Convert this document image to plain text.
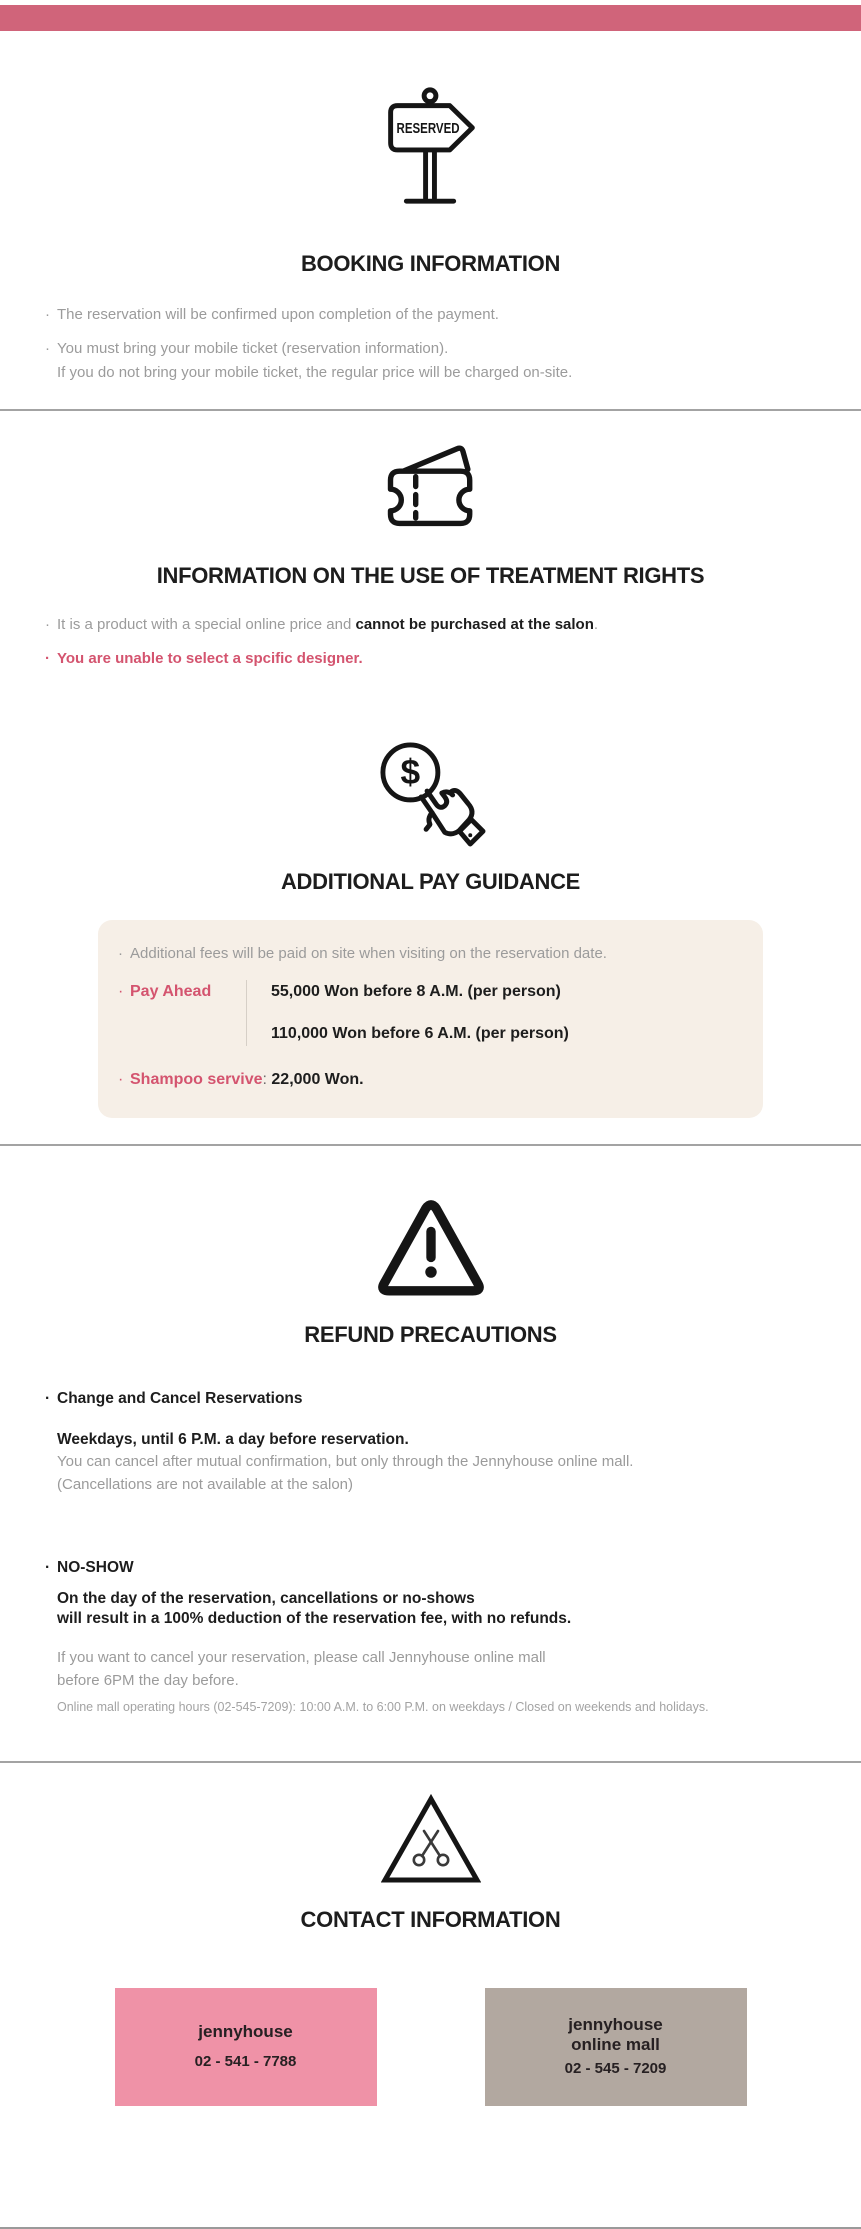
RESERVED
BOOKING INFORMATION
· The reservation will be confirmed upon completion of the payment.
· You must bring your mobile ticket (reservation information).
If you do not bring your mobile ticket, the regular price will be charged on-site.
INFORMATION ON THE USE OF TREATMENT RIGHTS
· It is a product with a special online price and cannot be purchased at the salon.
· You are unable to select a spcific designer.
$
ADDITIONAL PAY GUIDANCE
· Additional fees will be paid on site when visiting on the reservation date.
· Pay Ahead	55,000 Won before 8 A.M. (per person)
110,000 Won before 6 A.M. (per person)
· Shampoo servive: 22,000 Won.
REFUND PRECAUTIONS
· Change and Cancel Reservations
Weekdays, until 6 P.M. a day before reservation.
You can cancel after mutual confirmation, but only through the Jennyhouse online mall.
(Cancellations are not available at the salon)
· NO-SHOW
On the day of the reservation, cancellations or no-shows
will result in a 100% deduction of the reservation fee, with no refunds.
If you want to cancel your reservation, please call Jennyhouse online mall
before 6PM the day before.
Online mall operating hours (02-545-7209): 10:00 A.M. to 6:00 P.M. on weekdays / Closed on weekends and holidays.
CONTACT INFORMATION
jennyhouse
02 - 541 - 7788
jennyhouse
online mall
02 - 545 - 7209
